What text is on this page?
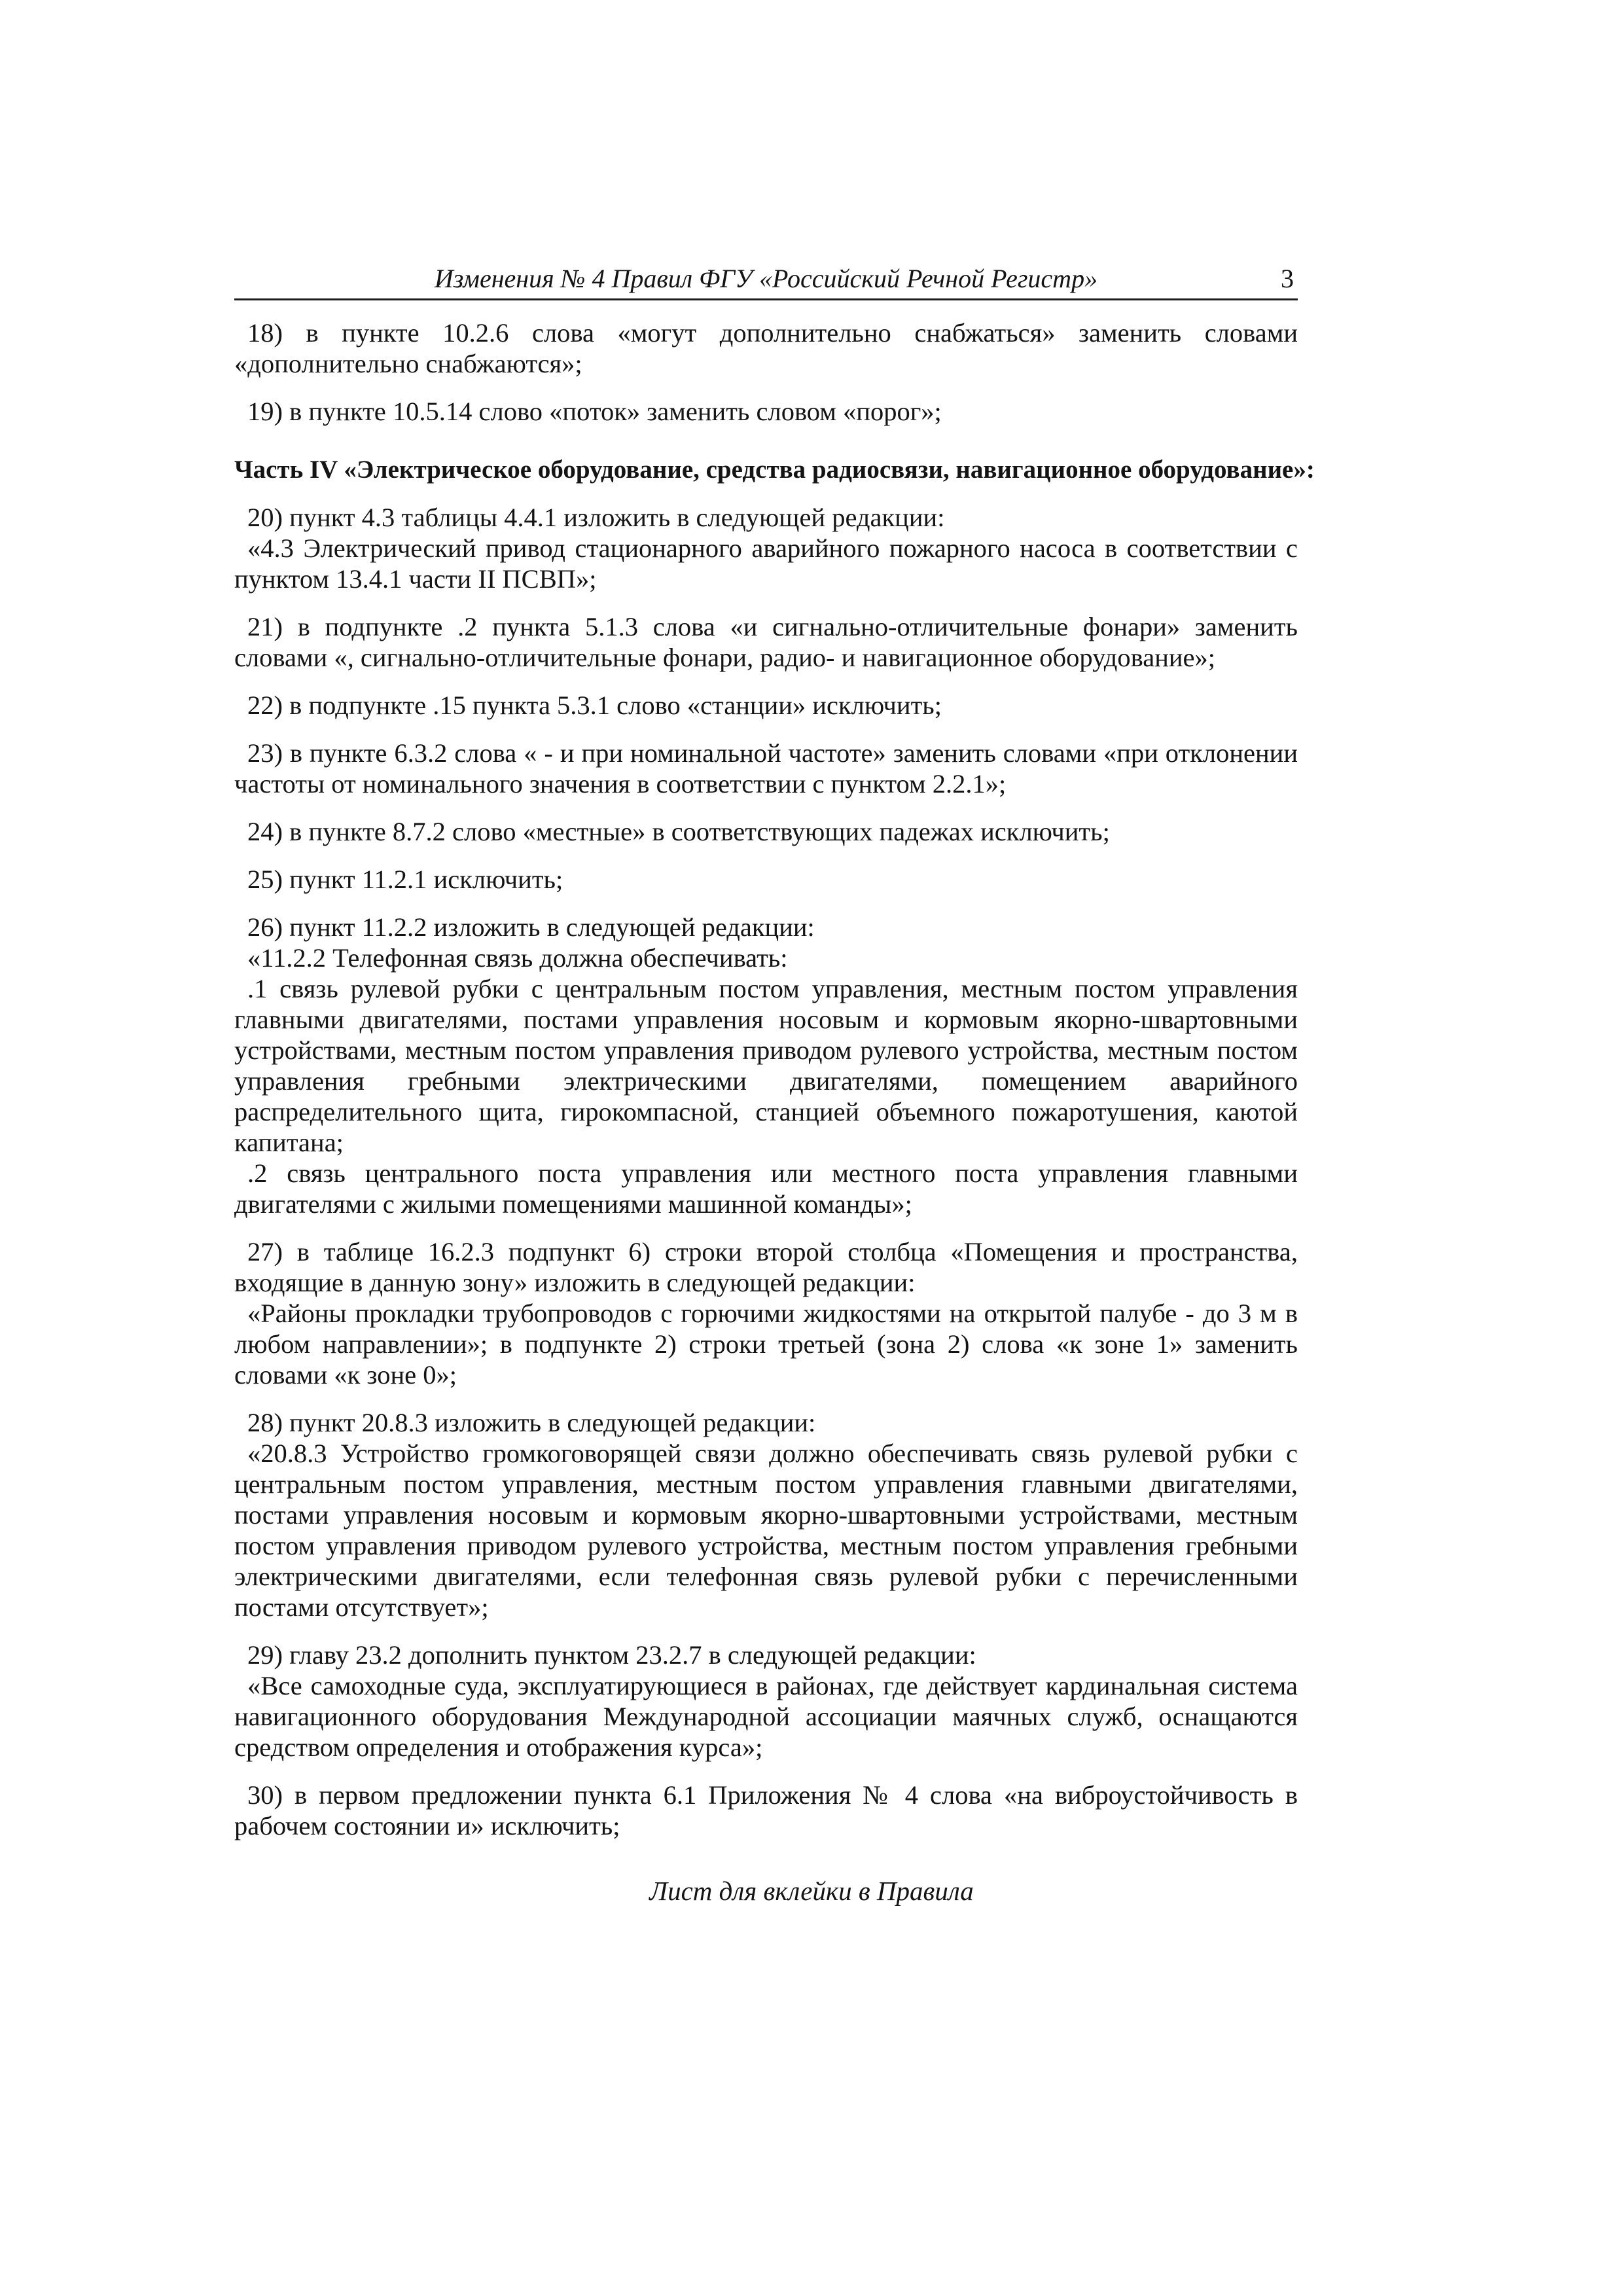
Изменения № 4 Правил ФГУ «Российский Речной Регистр»	3

18) в пункте 10.2.6 слова «могут дополнительно снабжаться» заменить словами «дополнительно снабжаются»;

19) в пункте 10.5.14 слово «поток» заменить словом «порог»;

Часть IV «Электрическое оборудование, средства радиосвязи, навигационное оборудование»:

20) пункт 4.3 таблицы 4.4.1 изложить в следующей редакции:

«4.3 Электрический привод стационарного аварийного пожарного насоса в соответствии с пунктом 13.4.1 части II ПСВП»;

21) в подпункте .2 пункта 5.1.3 слова «и сигнально-отличительные фонари» заменить словами «, сигнально-отличительные фонари, радио- и навигационное оборудование»;

22) в подпункте .15 пункта 5.3.1 слово «станции» исключить;

23) в пункте 6.3.2 слова « - и при номинальной частоте» заменить словами «при отклонении частоты от номинального значения в соответствии с пунктом 2.2.1»;

24) в пункте 8.7.2 слово «местные» в соответствующих падежах исключить;

25) пункт 11.2.1 исключить;

26) пункт 11.2.2 изложить в следующей редакции:

«11.2.2 Телефонная связь должна обеспечивать:

.1 связь рулевой рубки с центральным постом управления, местным постом управления главными двигателями, постами управления носовым и кормовым якорно-швартовными устройствами, местным постом управления приводом рулевого устройства, местным постом управления гребными электрическими двигателями, помещением аварийного распределительного щита, гирокомпасной, станцией объемного пожаротушения, каютой капитана;

.2 связь центрального поста управления или местного поста управления главными двигателями с жилыми помещениями машинной команды»;

27) в таблице 16.2.3 подпункт 6) строки второй столбца «Помещения и пространства, входящие в данную зону» изложить в следующей редакции:

«Районы прокладки трубопроводов с горючими жидкостями на открытой палубе - до 3 м в любом направлении»; в подпункте 2) строки третьей (зона 2) слова «к зоне 1» заменить словами «к зоне 0»;

28) пункт 20.8.3 изложить в следующей редакции:

«20.8.3 Устройство громкоговорящей связи должно обеспечивать связь рулевой рубки с центральным постом управления, местным постом управления главными двигателями, постами управления носовым и кормовым якорно-швартовными устройствами, местным постом управления приводом рулевого устройства, местным постом управления гребными электрическими двигателями, если телефонная связь рулевой рубки с перечисленными постами отсутствует»;

29) главу 23.2 дополнить пунктом 23.2.7 в следующей редакции:

«Все самоходные суда, эксплуатирующиеся в районах, где действует кардинальная система навигационного оборудования Международной ассоциации маячных служб, оснащаются средством определения и отображения курса»;

30) в первом предложении пункта 6.1 Приложения № 4 слова «на виброустойчивость в рабочем состоянии и» исключить;

Лист для вклейки в Правила
